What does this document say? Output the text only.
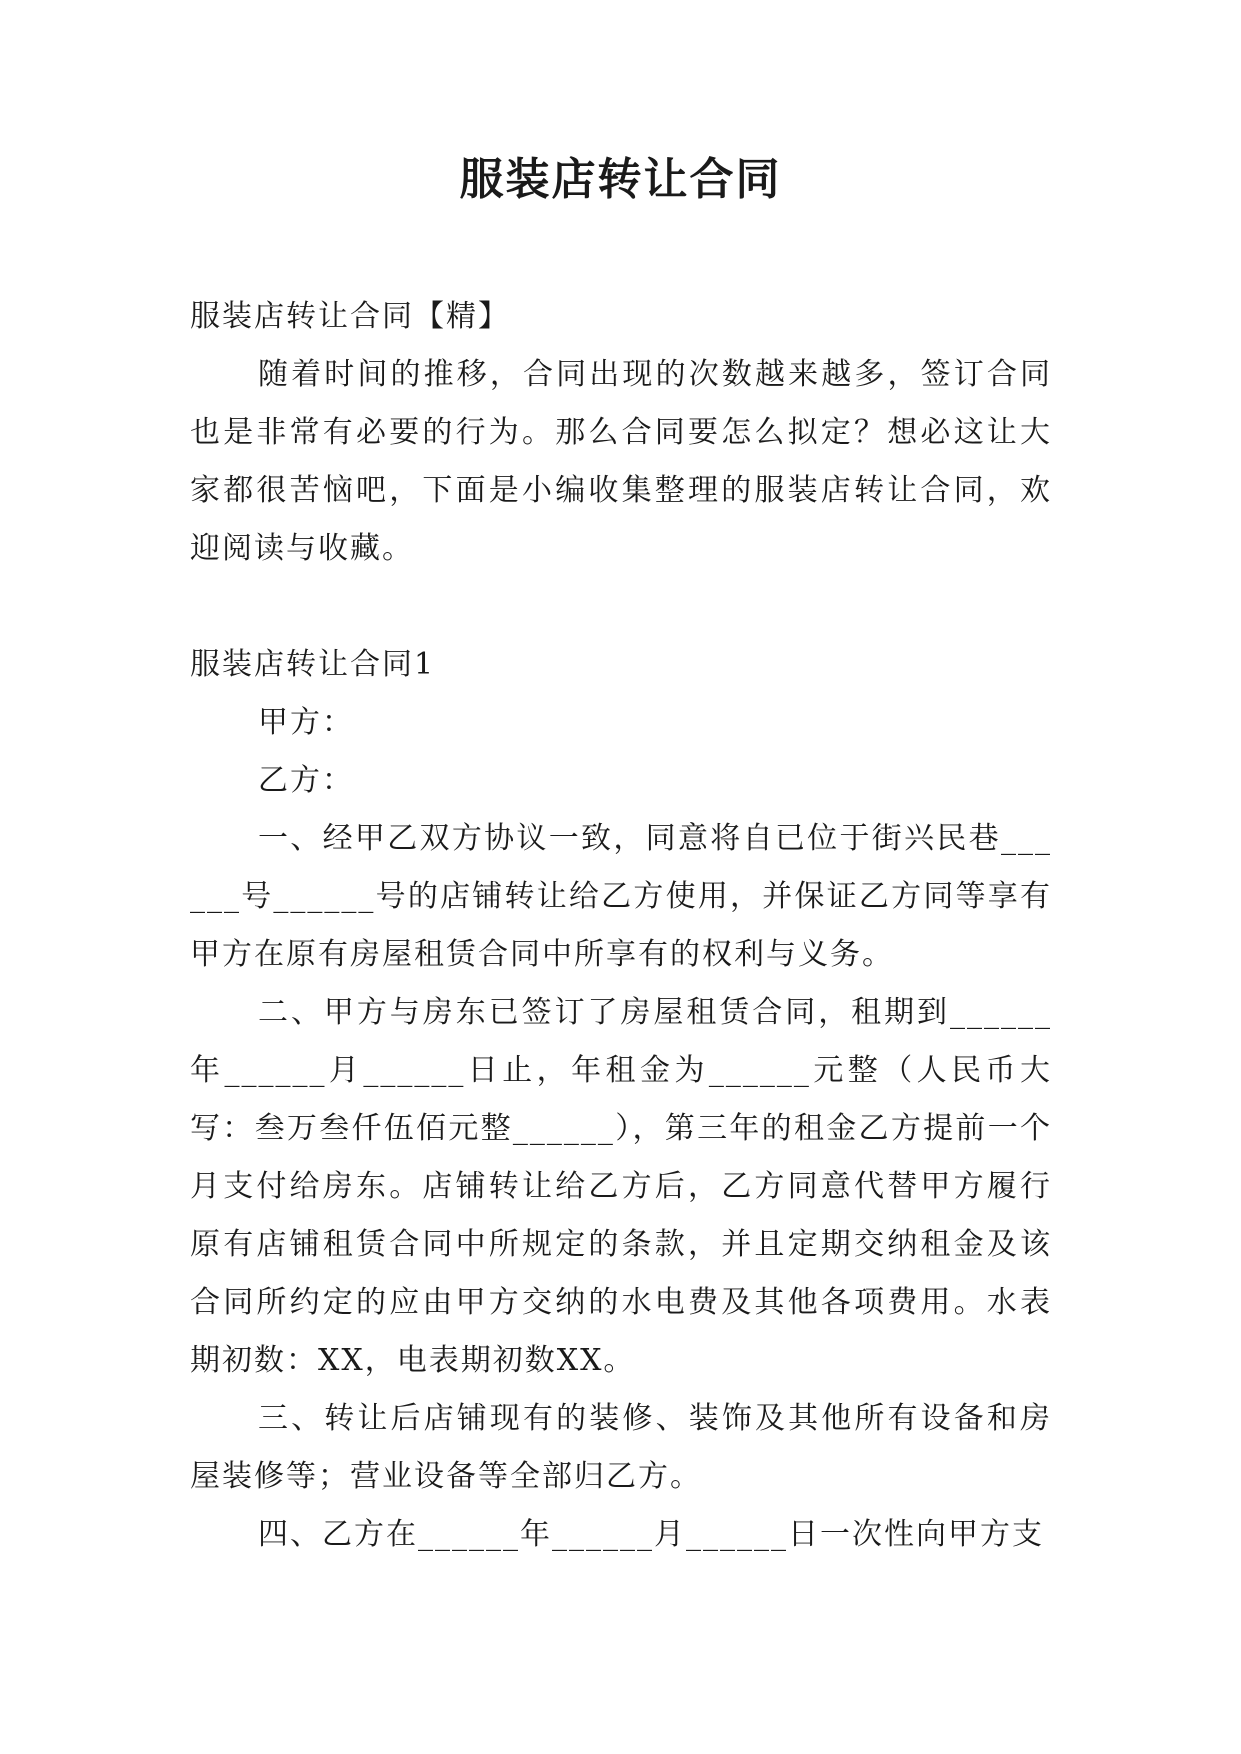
服装店转让合同

服装店转让合同【精】

随着时间的推移，合同出现的次数越来越多，签订合同也是非常有必要的行为。那么合同要怎么拟定？想必这让大家都很苦恼吧，下面是小编收集整理的服装店转让合同，欢迎阅读与收藏。

服装店转让合同1

甲方：

乙方：

一、经甲乙双方协议一致，同意将自已位于街兴民巷______号______号的店铺转让给乙方使用，并保证乙方同等享有甲方在原有房屋租赁合同中所享有的权利与义务。

二、甲方与房东已签订了房屋租赁合同，租期到______年______月______日止，年租金为______元整（人民币大写：叁万叁仟伍佰元整______），第三年的租金乙方提前一个月支付给房东。店铺转让给乙方后，乙方同意代替甲方履行原有店铺租赁合同中所规定的条款，并且定期交纳租金及该合同所约定的应由甲方交纳的水电费及其他各项费用。水表期初数：XX，电表期初数XX。

三、转让后店铺现有的装修、装饰及其他所有设备和房屋装修等；营业设备等全部归乙方。

四、乙方在______年______月______日一次性向甲方支
